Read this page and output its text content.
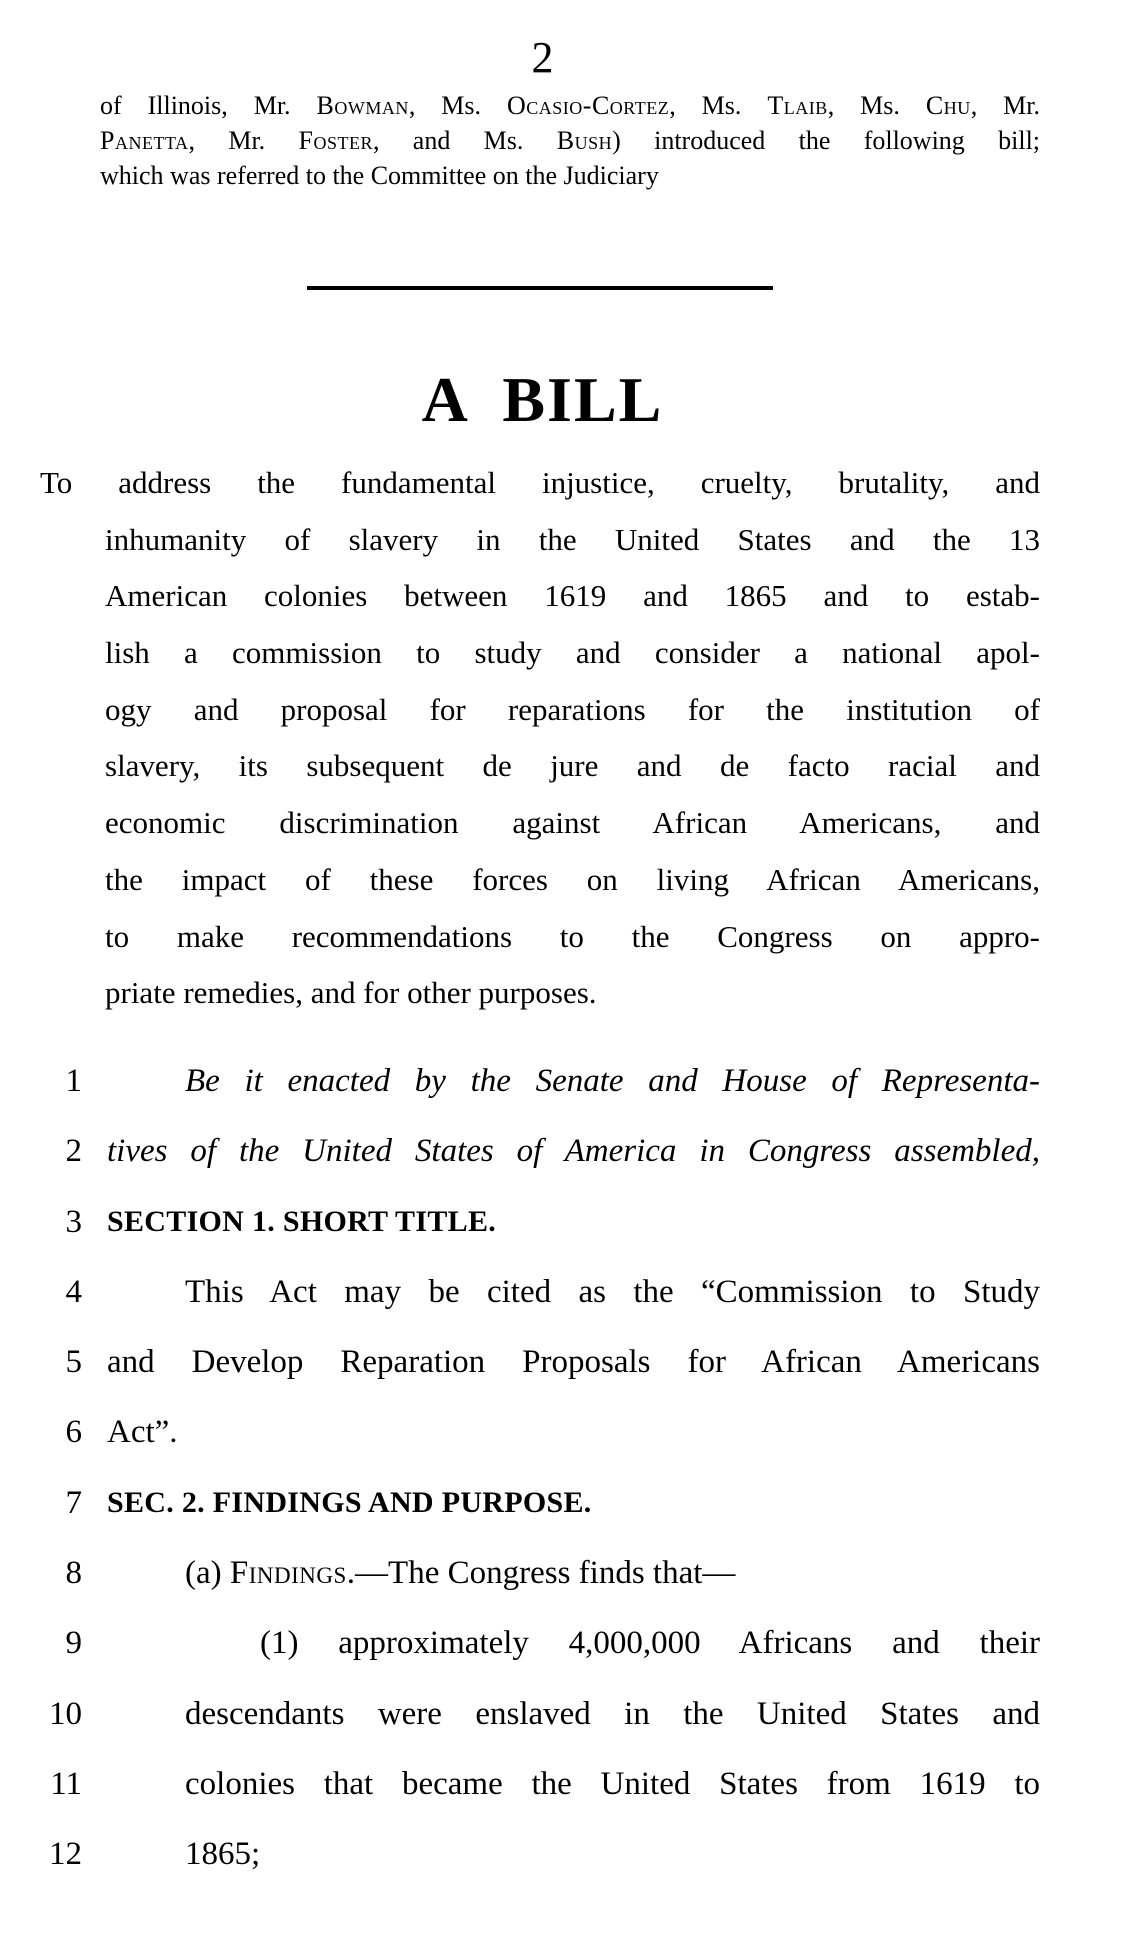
2
of Illinois, Mr. Bowman, Ms. Ocasio-Cortez, Ms. Tlaib, Ms. Chu, Mr.
Panetta, Mr. Foster, and Ms. Bush) introduced the following bill;
which was referred to the Committee on the Judiciary
A BILL
To address the fundamental injustice, cruelty, brutality, and
inhumanity of slavery in the United States and the 13
American colonies between 1619 and 1865 and to estab-
lish a commission to study and consider a national apol-
ogy and proposal for reparations for the institution of
slavery, its subsequent de jure and de facto racial and
economic discrimination against African Americans, and
the impact of these forces on living African Americans,
to make recommendations to the Congress on appro-
priate remedies, and for other purposes.
1	Be it enacted by the Senate and House of Representa-
2 tives of the United States of America in Congress assembled,
3 SECTION 1. SHORT TITLE.
4	This Act may be cited as the “Commission to Study
5 and Develop Reparation Proposals for African Americans
6 Act”.
7 SEC. 2. FINDINGS AND PURPOSE.
8	(a) Findings.—The Congress finds that—
9	(1) approximately 4,000,000 Africans and their
10	descendants were enslaved in the United States and
11	colonies that became the United States from 1619 to
12	1865;
